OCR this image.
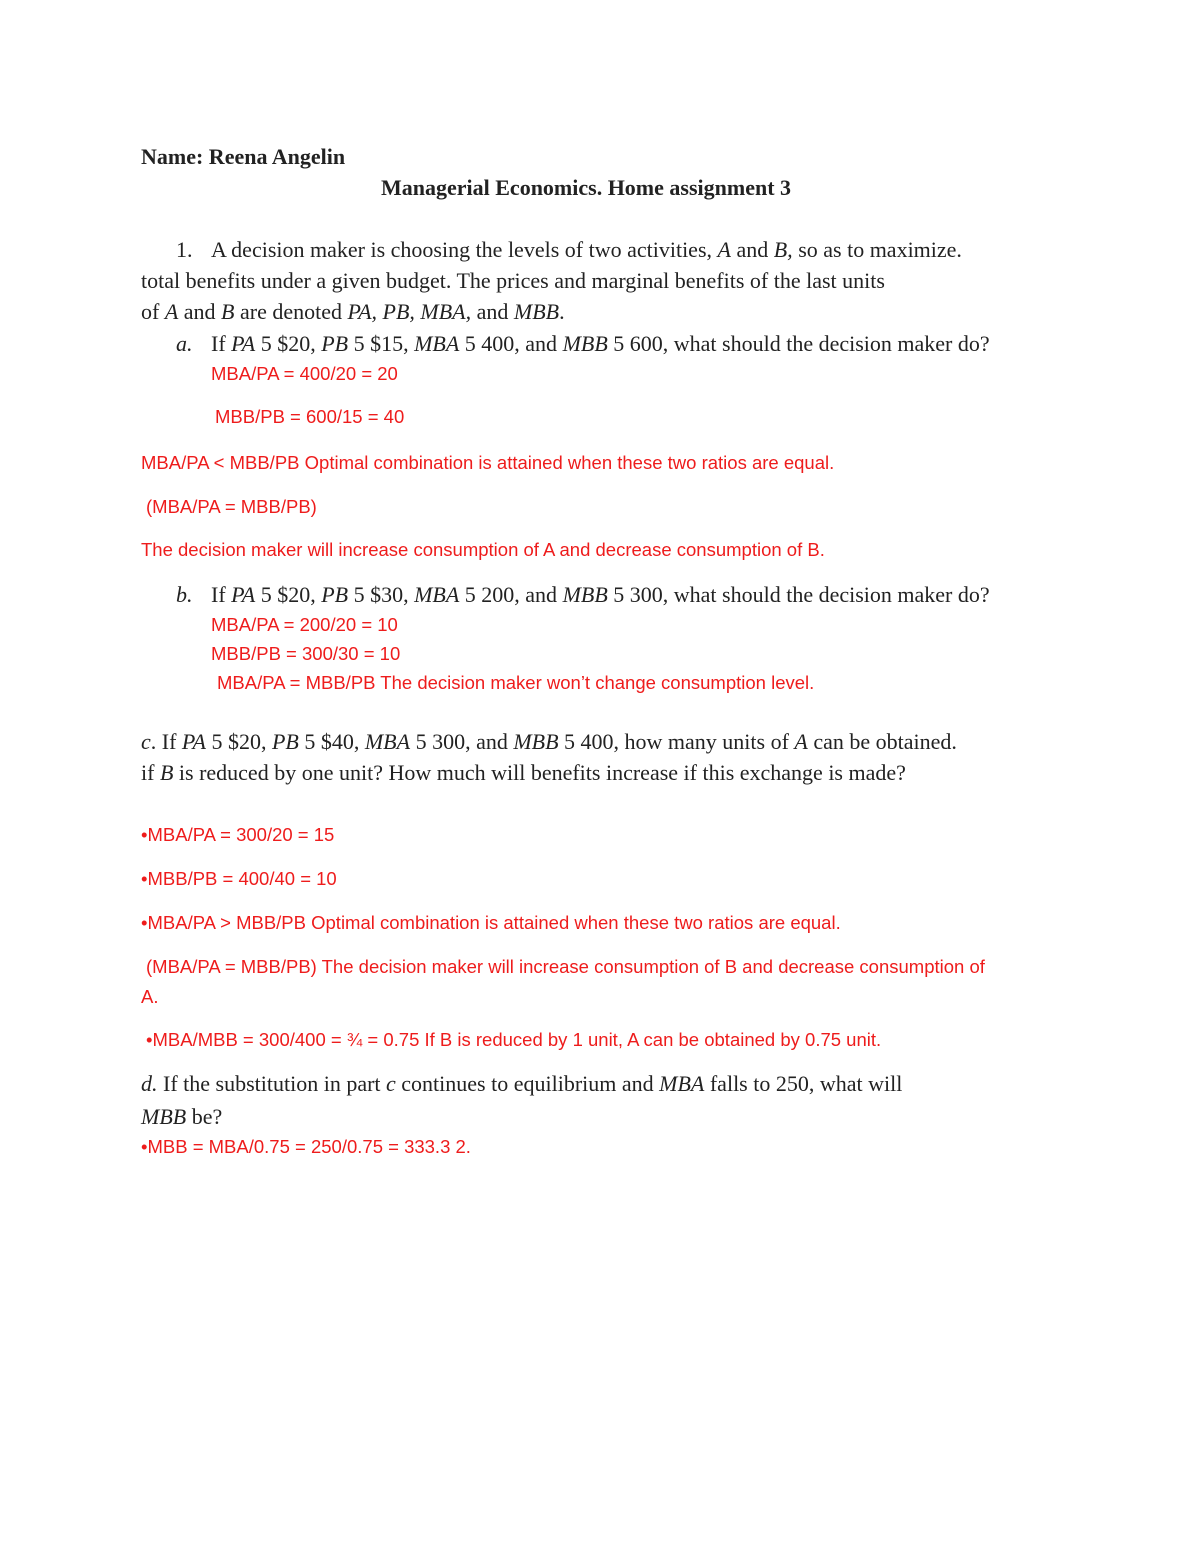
Name: Reena Angelin
Managerial Economics. Home assignment 3
1. A decision maker is choosing the levels of two activities, A and B, so as to maximize.
total benefits under a given budget. The prices and marginal benefits of the last units
of A and B are denoted PA, PB, MBA, and MBB.
a. If PA 5 $20, PB 5 $15, MBA 5 400, and MBB 5 600, what should the decision maker do?
MBA/PA = 400/20 = 20
MBB/PB = 600/15 = 40
MBA/PA < MBB/PB Optimal combination is attained when these two ratios are equal.
(MBA/PA = MBB/PB)
The decision maker will increase consumption of A and decrease consumption of B.
b. If PA 5 $20, PB 5 $30, MBA 5 200, and MBB 5 300, what should the decision maker do?
MBA/PA = 200/20 = 10
MBB/PB = 300/30 = 10
MBA/PA = MBB/PB The decision maker won’t change consumption level.
c. If PA 5 $20, PB 5 $40, MBA 5 300, and MBB 5 400, how many units of A can be obtained.
if B is reduced by one unit? How much will benefits increase if this exchange is made?
•MBA/PA = 300/20 = 15
•MBB/PB = 400/40 = 10
•MBA/PA > MBB/PB Optimal combination is attained when these two ratios are equal.
(MBA/PA = MBB/PB) The decision maker will increase consumption of B and decrease consumption of
A.
•MBA/MBB = 300/400 = ¾ = 0.75 If B is reduced by 1 unit, A can be obtained by 0.75 unit.
d. If the substitution in part c continues to equilibrium and MBA falls to 250, what will
MBB be?
•MBB = MBA/0.75 = 250/0.75 = 333.3 2.
